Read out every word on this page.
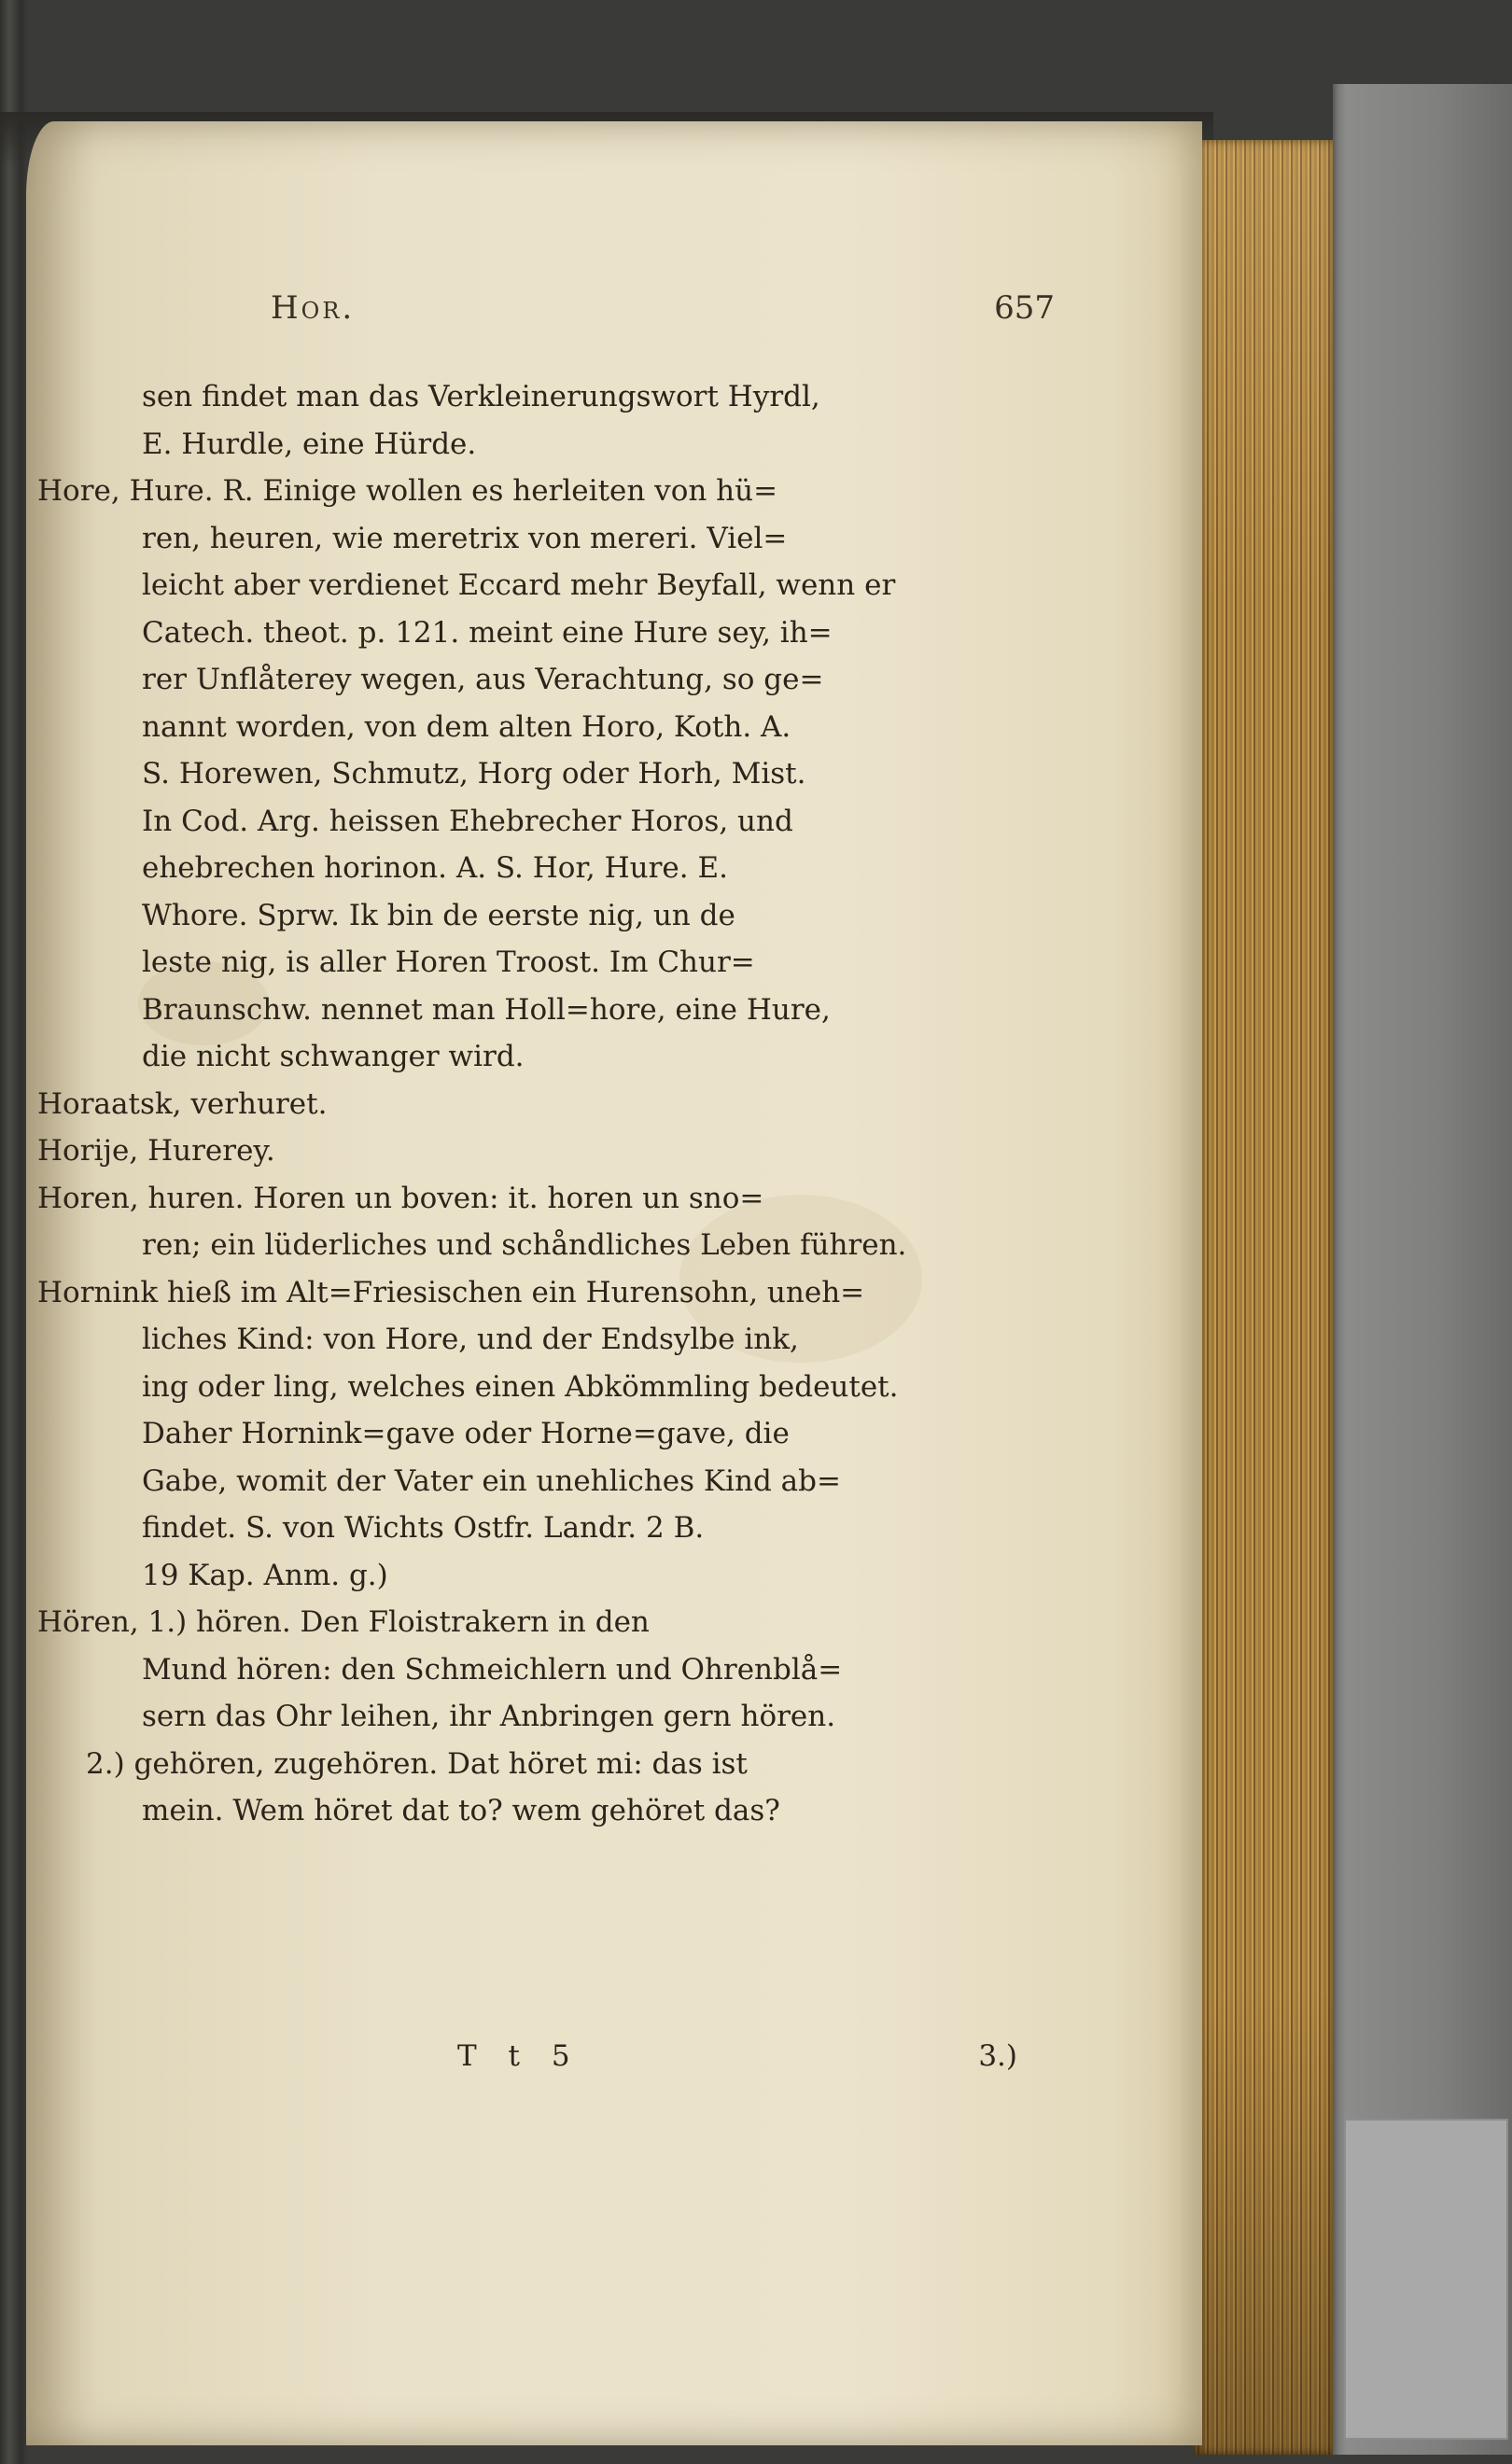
Hor.	657
sen findet man das Verkleinerungswort Hyrdl,
E. Hurdle, eine Hürde.
Hore, Hure. R. Einige wollen es herleiten von hü=
ren, heuren, wie meretrix von mereri. Viel=
leicht aber verdienet Eccard mehr Beyfall, wenn er
Catech. theot. p. 121. meint eine Hure sey, ih=
rer Unflåterey wegen, aus Verachtung, so ge=
nannt worden, von dem alten Horo, Koth. A.
S. Horewen, Schmutz, Horg oder Horh, Mist.
In Cod. Arg. heissen Ehebrecher Horos, und
ehebrechen horinon. A. S. Hor, Hure. E.
Whore. Sprw. Ik bin de eerste nig, un de
leste nig, is aller Horen Troost. Im Chur=
Braunschw. nennet man Holl=hore, eine Hure,
die nicht schwanger wird.
Horaatsk, verhuret.
Horije, Hurerey.
Horen, huren. Horen un boven: it. horen un sno=
ren; ein lüderliches und schåndliches Leben führen.
Hornink hieß im Alt=Friesischen ein Hurensohn, uneh=
liches Kind: von Hore, und der Endsylbe ink,
ing oder ling, welches einen Abkömmling bedeutet.
Daher Hornink=gave oder Horne=gave, die
Gabe, womit der Vater ein unehliches Kind ab=
findet. S. von Wichts Ostfr. Landr. 2 B.
19 Kap. Anm. g.)
Hören, 1.) hören. Den Floistrakern in den
Mund hören: den Schmeichlern und Ohrenblå=
sern das Ohr leihen, ihr Anbringen gern hören.
2.) gehören, zugehören. Dat höret mi: das ist
mein. Wem höret dat to? wem gehöret das?
T t 5	3.)
